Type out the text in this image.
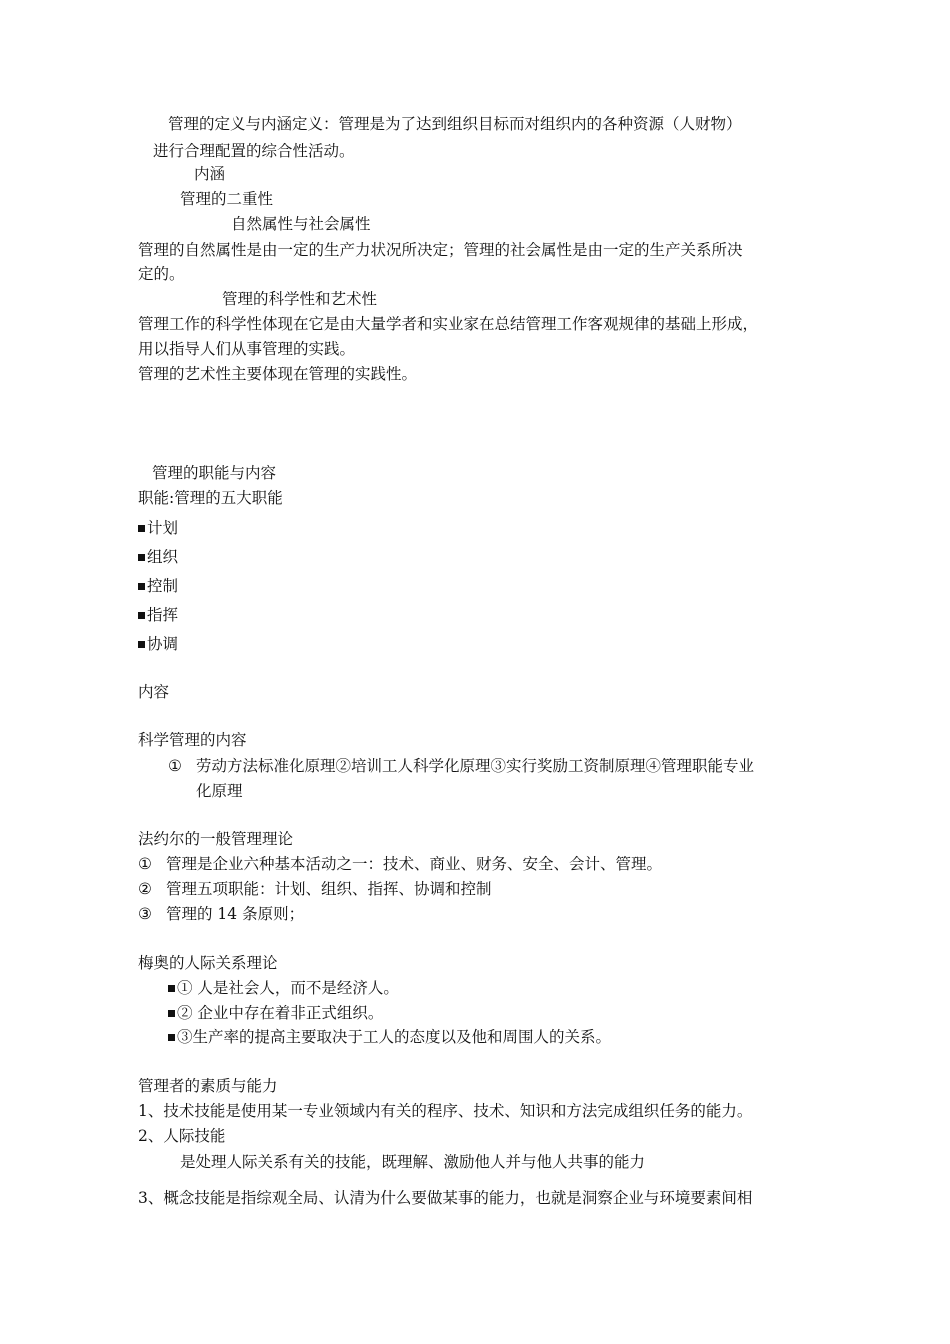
管理的定义与内涵定义：管理是为了达到组织目标而对组织内的各种资源（人财物）
进行合理配置的综合性活动。
内涵
管理的二重性
自然属性与社会属性
管理的自然属性是由一定的生产力状况所决定；管理的社会属性是由一定的生产关系所决
定的。
管理的科学性和艺术性
管理工作的科学性体现在它是由大量学者和实业家在总结管理工作客观规律的基础上形成，
用以指导人们从事管理的实践。
管理的艺术性主要体现在管理的实践性。
管理的职能与内容
职能:管理的五大职能
计划
组织
控制
指挥
协调
内容
科学管理的内容
① 劳动方法标准化原理②培训工人科学化原理③实行奖励工资制原理④管理职能专业
化原理
法约尔的一般管理理论
① 管理是企业六种基本活动之一：技术、商业、财务、安全、会计、管理。
② 管理五项职能：计划、组织、指挥、协调和控制
③ 管理的 14 条原则；
梅奥的人际关系理论
① 人是社会人，而不是经济人。
② 企业中存在着非正式组织。
③生产率的提高主要取决于工人的态度以及他和周围人的关系。
管理者的素质与能力
1、技术技能是使用某一专业领域内有关的程序、技术、知识和方法完成组织任务的能力。
2、人际技能
是处理人际关系有关的技能，既理解、激励他人并与他人共事的能力
3、概念技能是指综观全局、认清为什么要做某事的能力，也就是洞察企业与环境要素间相
